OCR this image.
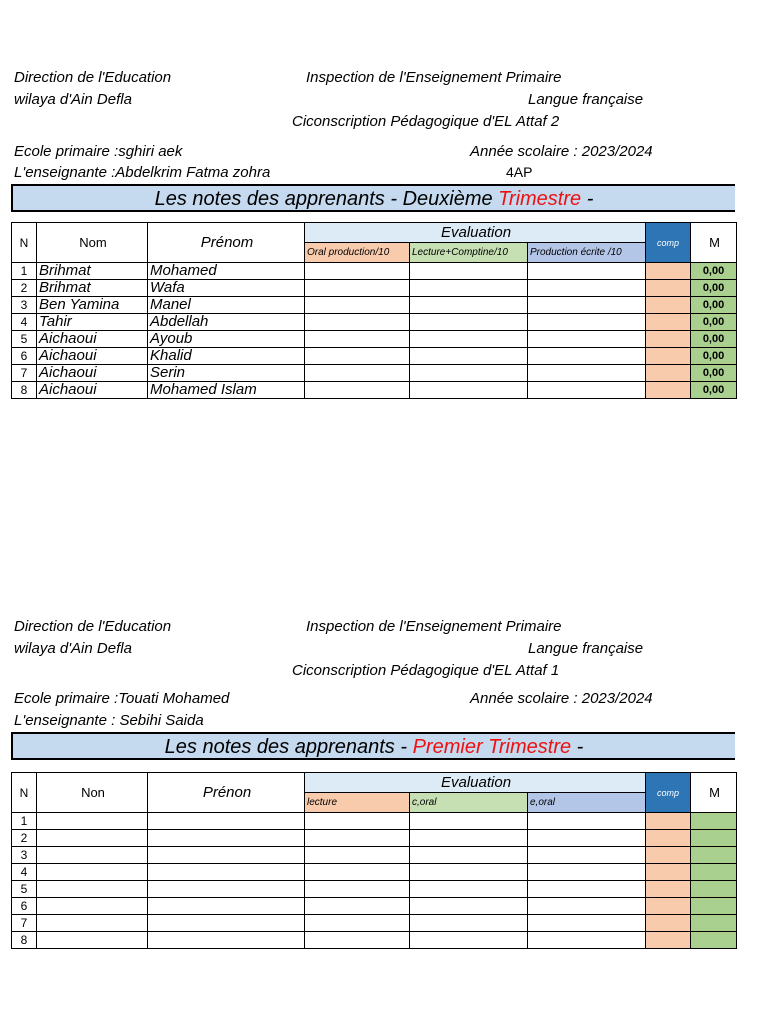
Direction de l'Education	Inspection de l'Enseignement Primaire
wilaya d'Ain Defla	Langue française
Ciconscription Pédagogique d'EL Attaf 2
Ecole primaire :sghiri aek	Année scolaire : 2023/2024
L'enseignante :Abdelkrim Fatma zohra	4AP
Les notes des apprenants - Deuxième Trimestre -
N	Nom	Prénom	Evaluation			comp	M
			Oral production/10	Lecture+Comptine/10	Production écrite /10		
1	Brihmat	Mohamed					0,00
2	Brihmat	Wafa					0,00
3	Ben Yamina	Manel					0,00
4	Tahir	Abdellah					0,00
5	Aichaoui	Ayoub					0,00
6	Aichaoui	Khalid					0,00
7	Aichaoui	Serin					0,00
8	Aichaoui	Mohamed Islam					0,00
Direction de l'Education	Inspection de l'Enseignement Primaire
wilaya d'Ain Defla	Langue française
Ciconscription Pédagogique d'EL Attaf 1
Ecole primaire :Touati Mohamed	Année scolaire : 2023/2024
L'enseignante : Sebihi Saida
Les notes des apprenants - Premier Trimestre -
N	Non	Prénon	Evaluation			comp	M
			lecture	c,oral	e,oral		
1							
2							
3							
4							
5							
6							
7							
8							
